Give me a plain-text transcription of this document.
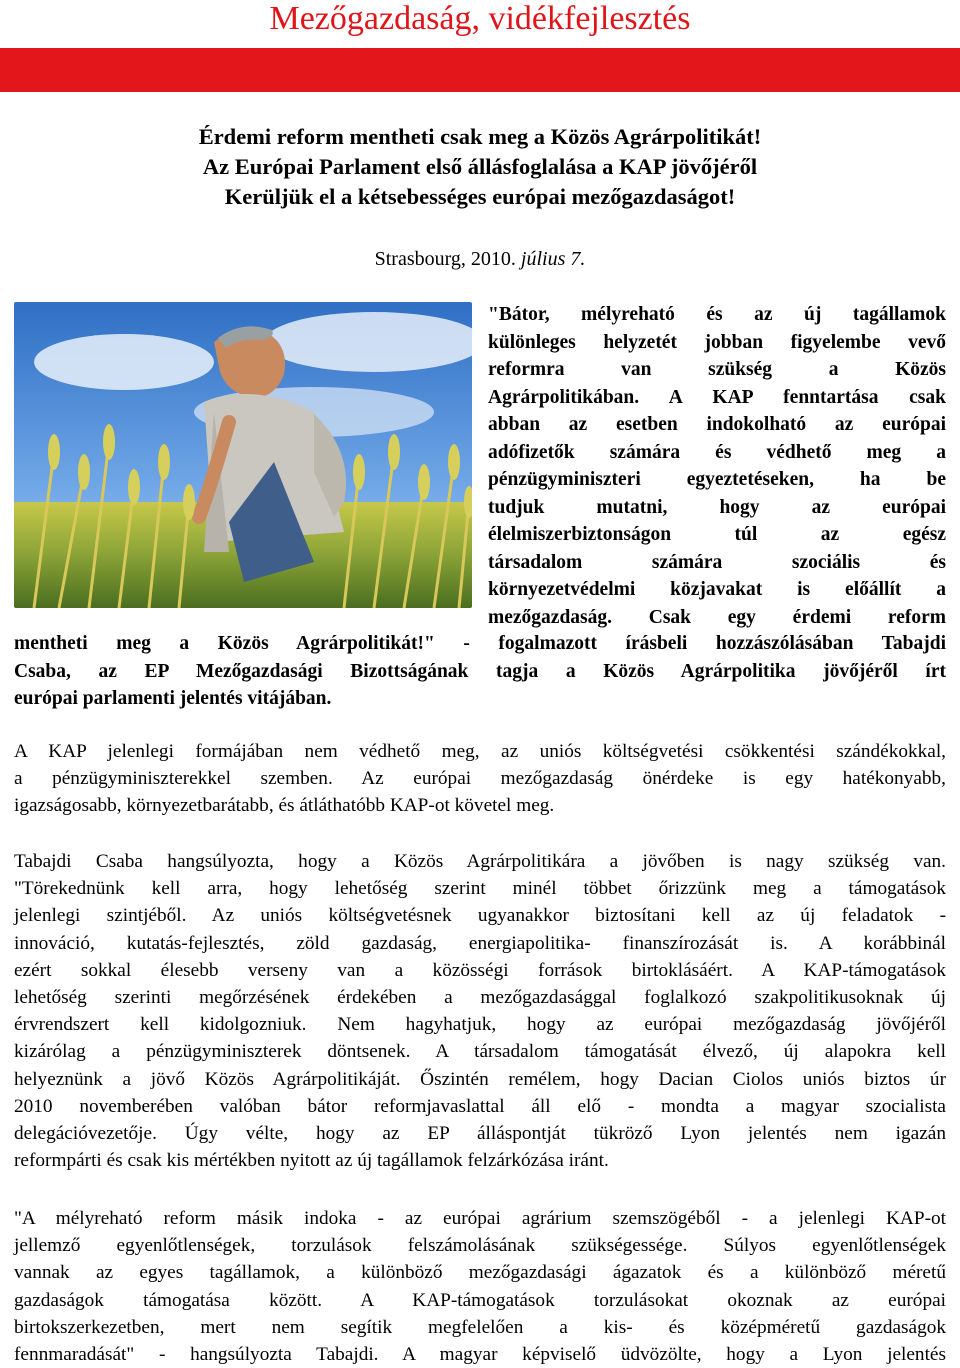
Mezőgazdaság, vidékfejlesztés
Érdemi reform mentheti csak meg a Közös Agrárpolitikát!
Az Európai Parlament első állásfoglalása a KAP jövőjéről
Kerüljük el a kétsebességes európai mezőgazdaságot!
Strasbourg, 2010. július 7.
"Bátor, mélyreható és az új tagállamok
különleges helyzetét jobban figyelembe vevő
reformra van szükség a Közös
Agrárpolitikában. A KAP fenntartása csak
abban az esetben indokolható az európai
adófizetők számára és védhető meg a
pénzügyminiszteri egyeztetéseken, ha be
tudjuk mutatni, hogy az európai
élelmiszerbiztonságon túl az egész
társadalom számára szociális és
környezetvédelmi közjavakat is előállít a
mezőgazdaság. Csak egy érdemi reform
mentheti meg a Közös Agrárpolitikát!" - fogalmazott írásbeli hozzászólásában Tabajdi
Csaba, az EP Mezőgazdasági Bizottságának tagja a Közös Agrárpolitika jövőjéről írt
európai parlamenti jelentés vitájában.
A KAP jelenlegi formájában nem védhető meg, az uniós költségvetési csökkentési szándékokkal,
a pénzügyminiszterekkel szemben. Az európai mezőgazdaság önérdeke is egy hatékonyabb,
igazságosabb, környezetbarátabb, és átláthatóbb KAP-ot követel meg.
Tabajdi Csaba hangsúlyozta, hogy a Közös Agrárpolitikára a jövőben is nagy szükség van.
"Törekednünk kell arra, hogy lehetőség szerint minél többet őrizzünk meg a támogatások
jelenlegi szintjéből. Az uniós költségvetésnek ugyanakkor biztosítani kell az új feladatok -
innováció, kutatás-fejlesztés, zöld gazdaság, energiapolitika- finanszírozását is. A korábbinál
ezért sokkal élesebb verseny van a közösségi források birtoklásáért. A KAP-támogatások
lehetőség szerinti megőrzésének érdekében a mezőgazdasággal foglalkozó szakpolitikusoknak új
érvrendszert kell kidolgozniuk. Nem hagyhatjuk, hogy az európai mezőgazdaság jövőjéről
kizárólag a pénzügyminiszterek döntsenek. A társadalom támogatását élvező, új alapokra kell
helyeznünk a jövő Közös Agrárpolitikáját. Őszintén remélem, hogy Dacian Ciolos uniós biztos úr
2010 novemberében valóban bátor reformjavaslattal áll elő - mondta a magyar szocialista
delegációvezetője. Úgy vélte, hogy az EP álláspontját tükröző Lyon jelentés nem igazán
reformpárti és csak kis mértékben nyitott az új tagállamok felzárkózása iránt.
"A mélyreható reform másik indoka - az európai agrárium szemszögéből - a jelenlegi KAP-ot
jellemző egyenlőtlenségek, torzulások felszámolásának szükségessége. Súlyos egyenlőtlenségek
vannak az egyes tagállamok, a különböző mezőgazdasági ágazatok és a különböző méretű
gazdaságok támogatása között. A KAP-támogatások torzulásokat okoznak az európai
birtokszerkezetben, mert nem segítik megfelelően a kis- és középméretű gazdaságok
fennmaradását" - hangsúlyozta Tabajdi. A magyar képviselő üdvözölte, hogy a Lyon jelentés
